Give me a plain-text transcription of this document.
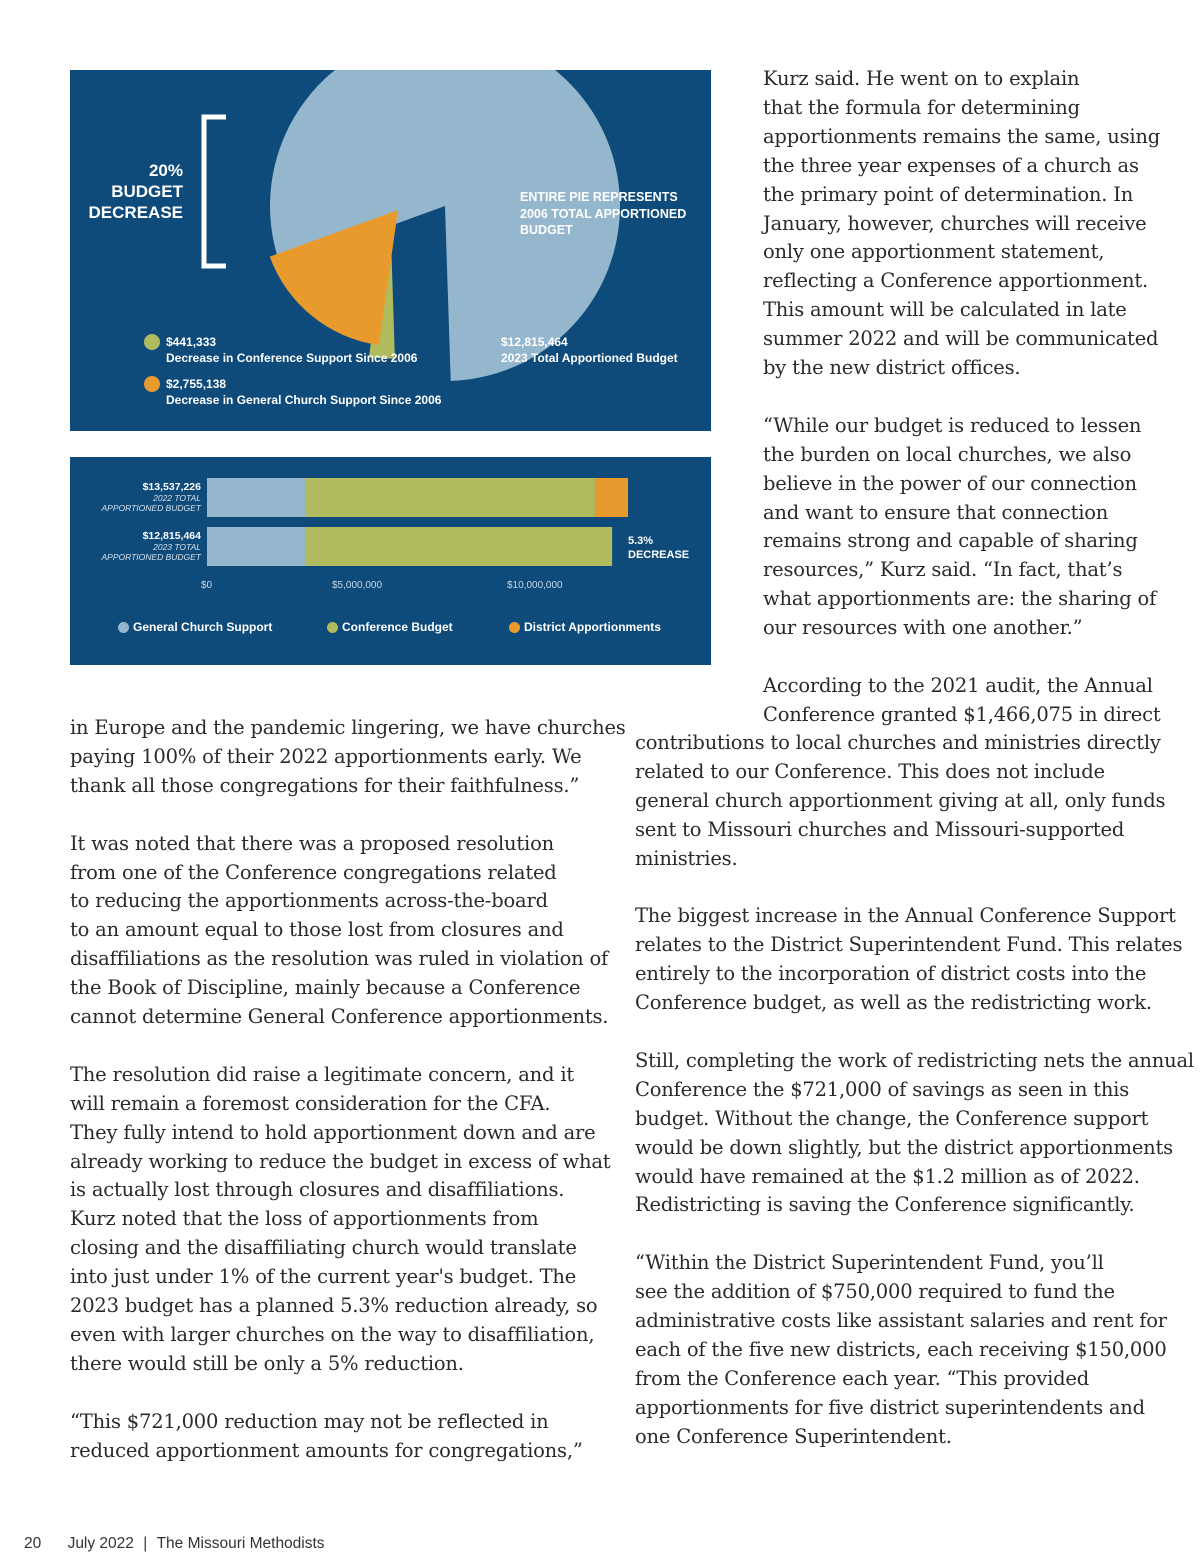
20%
BUDGET
DECREASE
ENTIRE PIE REPRESENTS
2006 TOTAL APPORTIONED
BUDGET
$441,333
Decrease in Conference Support Since 2006
$2,755,138
Decrease in General Church Support Since 2006
$12,815,464
2023 Total Apportioned Budget
$13,537,226
2022 TOTAL
APPORTIONED BUDGET
$12,815,464
2023 TOTAL
APPORTIONED BUDGET
5.3%
DECREASE
$0	$5,000,000	$10,000,000
General Church Support	Conference Budget	District Apportionments

in Europe and the pandemic lingering, we have churches
paying 100% of their 2022 apportionments early. We
thank all those congregations for their faithfulness.”

It was noted that there was a proposed resolution
from one of the Conference congregations related
to reducing the apportionments across-the-board
to an amount equal to those lost from closures and
disaffiliations as the resolution was ruled in violation of
the Book of Discipline, mainly because a Conference
cannot determine General Conference apportionments.

The resolution did raise a legitimate concern, and it
will remain a foremost consideration for the CFA.
They fully intend to hold apportionment down and are
already working to reduce the budget in excess of what
is actually lost through closures and disaffiliations.
Kurz noted that the loss of apportionments from
closing and the disaffiliating church would translate
into just under 1% of the current year's budget. The
2023 budget has a planned 5.3% reduction already, so
even with larger churches on the way to disaffiliation,
there would still be only a 5% reduction.

“This $721,000 reduction may not be reflected in
reduced apportionment amounts for congregations,”

Kurz said. He went on to explain
that the formula for determining
apportionments remains the same, using
the three year expenses of a church as
the primary point of determination. In
January, however, churches will receive
only one apportionment statement,
reflecting a Conference apportionment.
This amount will be calculated in late
summer 2022 and will be communicated
by the new district offices.

“While our budget is reduced to lessen
the burden on local churches, we also
believe in the power of our connection
and want to ensure that connection
remains strong and capable of sharing
resources,” Kurz said. “In fact, that’s
what apportionments are: the sharing of
our resources with one another.”

According to the 2021 audit, the Annual
Conference granted $1,466,075 in direct

contributions to local churches and ministries directly
related to our Conference. This does not include
general church apportionment giving at all, only funds
sent to Missouri churches and Missouri-supported
ministries.

The biggest increase in the Annual Conference Support
relates to the District Superintendent Fund. This relates
entirely to the incorporation of district costs into the
Conference budget, as well as the redistricting work.

Still, completing the work of redistricting nets the annual
Conference the $721,000 of savings as seen in this
budget. Without the change, the Conference support
would be down slightly, but the district apportionments
would have remained at the $1.2 million as of 2022.
Redistricting is saving the Conference significantly.

“Within the District Superintendent Fund, you’ll
see the addition of $750,000 required to fund the
administrative costs like assistant salaries and rent for
each of the five new districts, each receiving $150,000
from the Conference each year. “This provided
apportionments for five district superintendents and
one Conference Superintendent.

20 July 2022 | The Missouri Methodists
